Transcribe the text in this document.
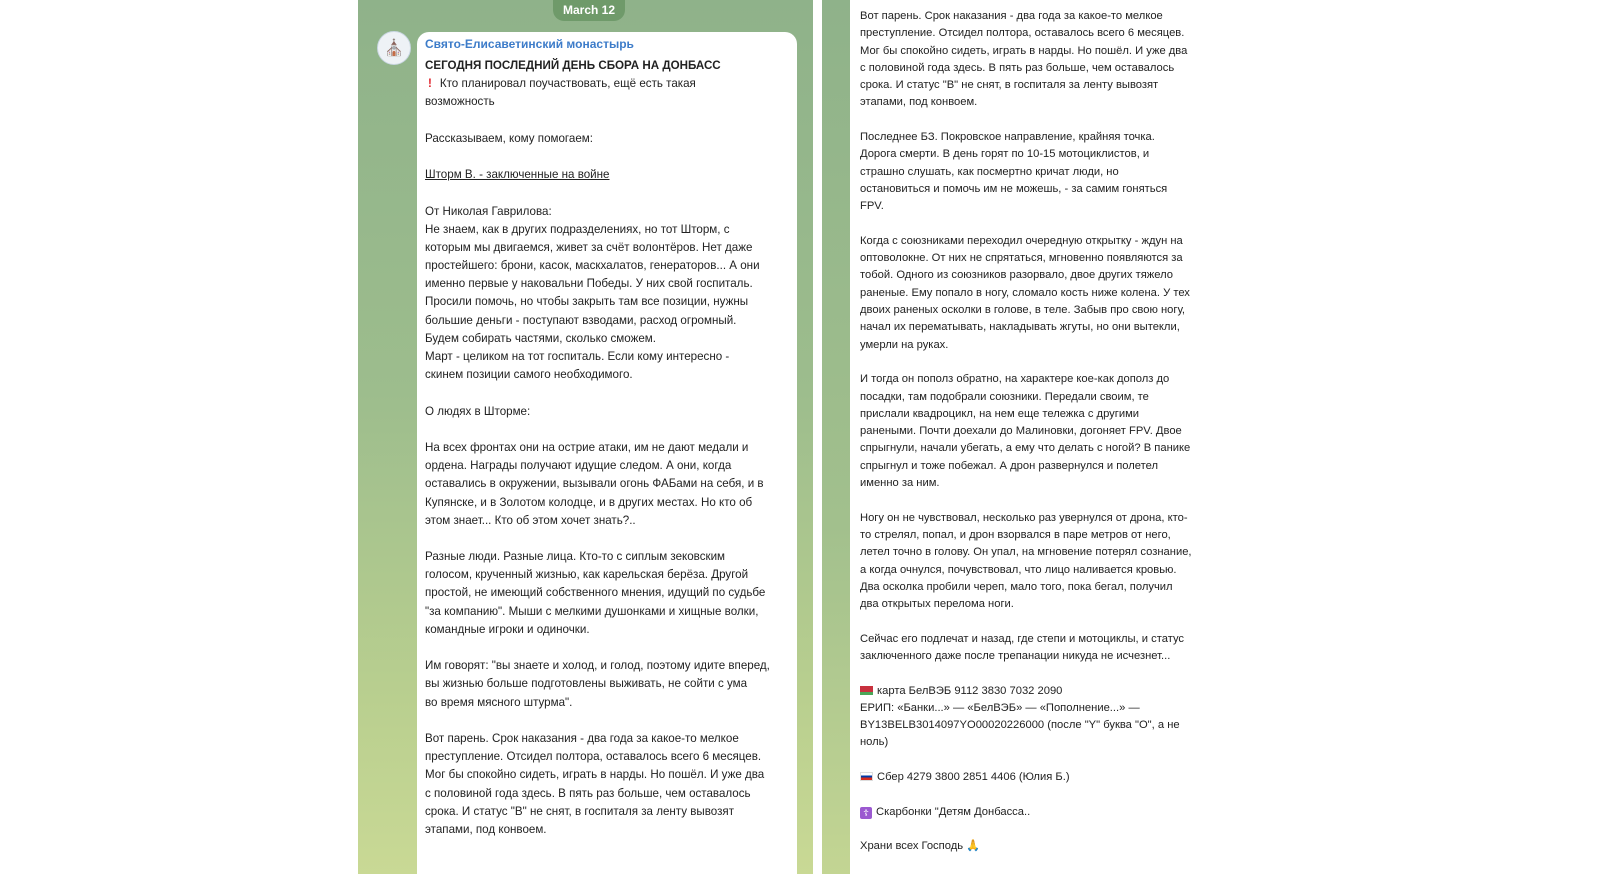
March 12
⛪ Свято-Елисаветинский монастырь
СЕГОДНЯ ПОСЛЕДНИЙ ДЕНЬ СБОРА НА ДОНБАСС
! Кто планировал поучаствовать, ещё есть такая
возможность
Рассказываем, кому помогаем:
Шторм В. - заключенные на войне
От Николая Гаврилова:
Не знаем, как в других подразделениях, но тот Шторм, с
которым мы двигаемся, живет за счёт волонтёров. Нет даже
простейшего: брони, касок, маскхалатов, генераторов... А они
именно первые у наковальни Победы. У них свой госпиталь.
Просили помочь, но чтобы закрыть там все позиции, нужны
большие деньги - поступают взводами, расход огромный.
Будем собирать частями, сколько сможем.
Март - целиком на тот госпиталь. Если кому интересно -
скинем позиции самого необходимого.
О людях в Шторме:
На всех фронтах они на острие атаки, им не дают медали и
ордена. Награды получают идущие следом. А они, когда
оставались в окружении, вызывали огонь ФАБами на себя, и в
Купянске, и в Золотом колодце, и в других местах. Но кто об
этом знает... Кто об этом хочет знать?..
Разные люди. Разные лица. Кто-то с сиплым зековским
голосом, крученный жизнью, как карельская берёза. Другой
простой, не имеющий собственного мнения, идущий по судьбе
"за компанию". Мыши с мелкими душонками и хищные волки,
командные игроки и одиночки.
Им говорят: "вы знаете и холод, и голод, поэтому идите вперед,
вы жизнью больше подготовлены выживать, не сойти с ума
во время мясного штурма".
Вот парень. Срок наказания - два года за какое-то мелкое
преступление. Отсидел полтора, оставалось всего 6 месяцев.
Мог бы спокойно сидеть, играть в нарды. Но пошёл. И уже два
с половиной года здесь. В пять раз больше, чем оставалось
срока. И статус "В" не снят, в госпиталя за ленту вывозят
этапами, под конвоем.
Вот парень. Срок наказания - два года за какое-то мелкое
преступление. Отсидел полтора, оставалось всего 6 месяцев.
Мог бы спокойно сидеть, играть в нарды. Но пошёл. И уже два
с половиной года здесь. В пять раз больше, чем оставалось
срока. И статус "В" не снят, в госпиталя за ленту вывозят
этапами, под конвоем.
Последнее БЗ. Покровское направление, крайняя точка.
Дорога смерти. В день горят по 10-15 мотоциклистов, и
страшно слушать, как посмертно кричат люди, но
остановиться и помочь им не можешь, - за самим гоняться
FPV.
Когда с союзниками переходил очередную открытку - ждун на
оптоволокне. От них не спрятаться, мгновенно появляются за
тобой. Одного из союзников разорвало, двое других тяжело
раненые. Ему попало в ногу, сломало кость ниже колена. У тех
двоих раненых осколки в голове, в теле. Забыв про свою ногу,
начал их перематывать, накладывать жгуты, но они вытекли,
умерли на руках.
И тогда он пополз обратно, на характере кое-как дополз до
посадки, там подобрали союзники. Передали своим, те
прислали квадроцикл, на нем еще тележка с другими
ранеными. Почти доехали до Малиновки, догоняет FPV. Двое
спрыгнули, начали убегать, а ему что делать с ногой? В панике
спрыгнул и тоже побежал. А дрон развернулся и полетел
именно за ним.
Ногу он не чувствовал, несколько раз увернулся от дрона, кто-
то стрелял, попал, и дрон взорвался в паре метров от него,
летел точно в голову. Он упал, на мгновение потерял сознание,
а когда очнулся, почувствовал, что лицо наливается кровью.
Два осколка пробили череп, мало того, пока бегал, получил
два открытых перелома ноги.
Сейчас его подлечат и назад, где степи и мотоциклы, и статус
заключенного даже после трепанации никуда не исчезнет...
карта БелВЭБ 9112 3830 7032 2090
ЕРИП: «Банки...» — «БелВЭБ» — «Пополнение...» —
BY13BELB3014097YO00020226000 (после "Y" буква "О", а не
ноль)
Сбер 4279 3800 2851 4406 (Юлия Б.)
☦ Скарбонки "Детям Донбасса..
Храни всех Господь 🙏
